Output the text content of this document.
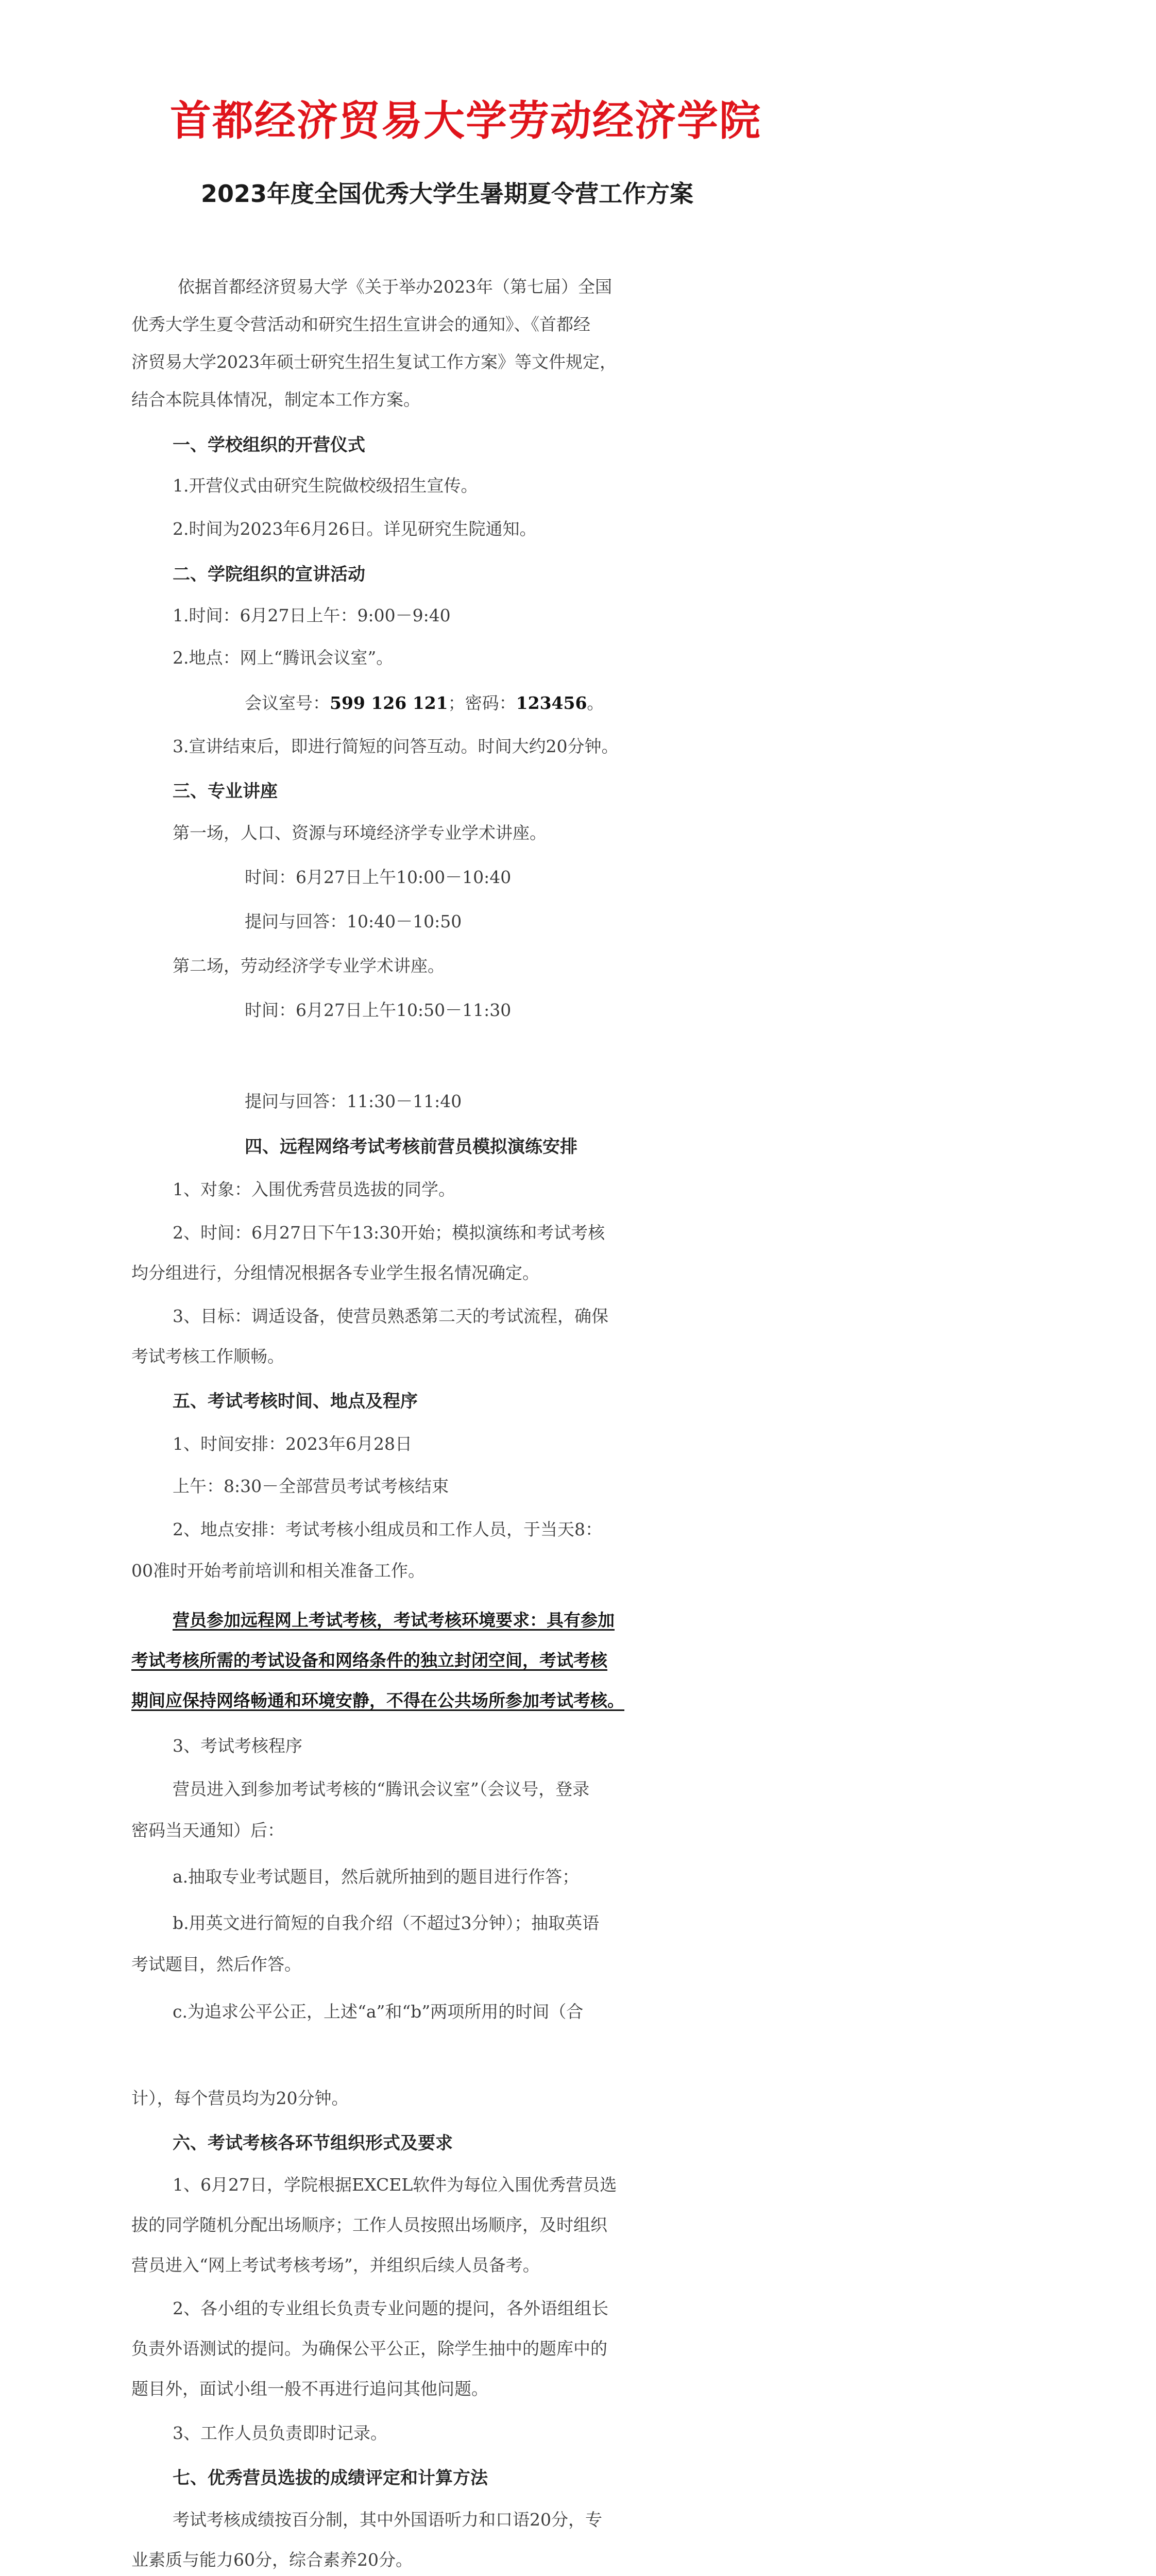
首都经济贸易大学劳动经济学院
2023年度全国优秀大学生暑期夏令营工作方案
依据首都经济贸易大学《关于举办2023年（第七届）全国
优秀大学生夏令营活动和研究生招生宣讲会的通知》、《首都经
济贸易大学2023年硕士研究生招生复试工作方案》等文件规定，
结合本院具体情况，制定本工作方案。
一、学校组织的开营仪式
1.开营仪式由研究生院做校级招生宣传。
2.时间为2023年6月26日。详见研究生院通知。
二、学院组织的宣讲活动
1.时间：6月27日上午：9:00－9:40
2.地点：网上“腾讯会议室”。
会议室号：599 126 121；密码：123456。
3.宣讲结束后，即进行简短的问答互动。时间大约20分钟。
三、专业讲座
第一场，人口、资源与环境经济学专业学术讲座。
时间：6月27日上午10:00－10:40
提问与回答：10:40－10:50
第二场，劳动经济学专业学术讲座。
时间：6月27日上午10:50－11:30
提问与回答：11:30－11:40
四、远程网络考试考核前营员模拟演练安排
1、对象：入围优秀营员选拔的同学。
2、时间：6月27日下午13:30开始；模拟演练和考试考核
均分组进行，分组情况根据各专业学生报名情况确定。
3、目标：调适设备，使营员熟悉第二天的考试流程，确保
考试考核工作顺畅。
五、考试考核时间、地点及程序
1、时间安排：2023年6月28日
上午：8:30－全部营员考试考核结束
2、地点安排：考试考核小组成员和工作人员，于当天8：
00准时开始考前培训和相关准备工作。
营员参加远程网上考试考核，考试考核环境要求：具有参加
考试考核所需的考试设备和网络条件的独立封闭空间，考试考核
期间应保持网络畅通和环境安静，不得在公共场所参加考试考核。
3、考试考核程序
营员进入到参加考试考核的“腾讯会议室”（会议号，登录
密码当天通知）后：
a.抽取专业考试题目，然后就所抽到的题目进行作答；
b.用英文进行简短的自我介绍（不超过3分钟）；抽取英语
考试题目，然后作答。
c.为追求公平公正，上述“a”和“b”两项所用的时间（合
计），每个营员均为20分钟。
六、考试考核各环节组织形式及要求
1、6月27日，学院根据EXCEL软件为每位入围优秀营员选
拔的同学随机分配出场顺序；工作人员按照出场顺序，及时组织
营员进入“网上考试考核考场”，并组织后续人员备考。
2、各小组的专业组长负责专业问题的提问，各外语组组长
负责外语测试的提问。为确保公平公正，除学生抽中的题库中的
题目外，面试小组一般不再进行追问其他问题。
3、工作人员负责即时记录。
七、优秀营员选拔的成绩评定和计算方法
考试考核成绩按百分制，其中外国语听力和口语20分，专
业素质与能力60分，综合素养20分。
